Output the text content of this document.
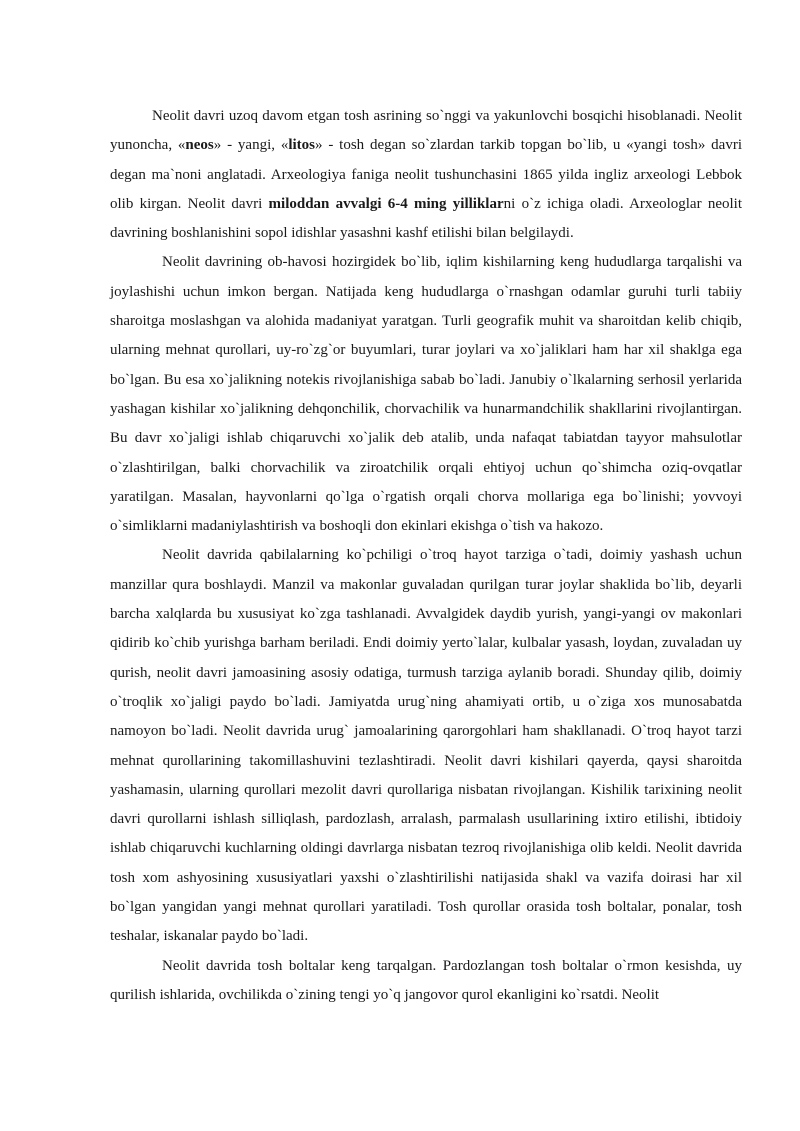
Neolit davri uzoq davom etgan tosh asrining so`nggi va yakunlovchi bosqichi hisoblanadi. Neolit yunoncha, «neos» - yangi, «litos» - tosh degan so`zlardan tarkib topgan bo`lib, u «yangi tosh» davri degan ma`noni anglatadi. Arxeologiya faniga neolit tushunchasini 1865 yilda ingliz arxeologi Lebbok olib kirgan. Neolit davri miloddan avvalgi 6-4 ming yilliklarni o`z ichiga oladi. Arxeologlar neolit davrining boshlanishini sopol idishlar yasashni kashf etilishi bilan belgilaydi.

Neolit davrining ob-havosi hozirgidek bo`lib, iqlim kishilarning keng hududlarga tarqalishi va joylashishi uchun imkon bergan. Natijada keng hududlarga o`rnashgan odamlar guruhi turli tabiiy sharoitga moslashgan va alohida madaniyat yaratgan. Turli geografik muhit va sharoitdan kelib chiqib, ularning mehnat qurollari, uy-ro`zg`or buyumlari, turar joylari va xo`jaliklari ham har xil shaklga ega bo`lgan. Bu esa xo`jalikning notekis rivojlanishiga sabab bo`ladi. Janubiy o`lkalarning serhosil yerlarida yashagan kishilar xo`jalikning dehqonchilik, chorvachilik va hunarmandchilik shakllarini rivojlantirgan. Bu davr xo`jaligi ishlab chiqaruvchi xo`jalik deb atalib, unda nafaqat tabiatdan tayyor mahsulotlar o`zlashtirilgan, balki chorvachilik va ziroatchilik orqali ehtiyoj uchun qo`shimcha oziq-ovqatlar yaratilgan. Masalan, hayvonlarni qo`lga o`rgatish orqali chorva mollariga ega bo`linishi; yovvoyi o`simliklarni madaniylashtirish va boshoqli don ekinlari ekishga o`tish va hakozo.

Neolit davrida qabilalarning ko`pchiligi o`troq hayot tarziga o`tadi, doimiy yashash uchun manzillar qura boshlaydi. Manzil va makonlar guvaladan qurilgan turar joylar shaklida bo`lib, deyarli barcha xalqlarda bu xususiyat ko`zga tashlanadi. Avvalgidek daydib yurish, yangi-yangi ov makonlari qidirib ko`chib yurishga barham beriladi. Endi doimiy yerto`lalar, kulbalar yasash, loydan, zuvaladan uy qurish, neolit davri jamoasining asosiy odatiga, turmush tarziga aylanib boradi. Shunday qilib, doimiy o`troqlik xo`jaligi paydo bo`ladi. Jamiyatda urug`ning ahamiyati ortib, u o`ziga xos munosabatda namoyon bo`ladi. Neolit davrida urug` jamoalarining qarorgohlari ham shakllanadi. O`troq hayot tarzi mehnat qurollarining takomillashuvini tezlashtiradi. Neolit davri kishilari qayerda, qaysi sharoitda yashamasin, ularning qurollari mezolit davri qurollariga nisbatan rivojlangan. Kishilik tarixining neolit davri qurollarni ishlash silliqlash, pardozlash, arralash, parmalash usullarining ixtiro etilishi, ibtidoiy ishlab chiqaruvchi kuchlarning oldingi davrlarga nisbatan tezroq rivojlanishiga olib keldi. Neolit davrida tosh xom ashyosining xususiyatlari yaxshi o`zlashtirilishi natijasida shakl va vazifa doirasi har xil bo`lgan yangidan yangi mehnat qurollari yaratiladi. Tosh qurollar orasida tosh boltalar, ponalar, tosh teshalar, iskanalar paydo bo`ladi.

Neolit davrida tosh boltalar keng tarqalgan. Pardozlangan tosh boltalar o`rmon kesishda, uy qurilish ishlarida, ovchilikda o`zining tengi yo`q jangovor qurol ekanligini ko`rsatdi. Neolit
